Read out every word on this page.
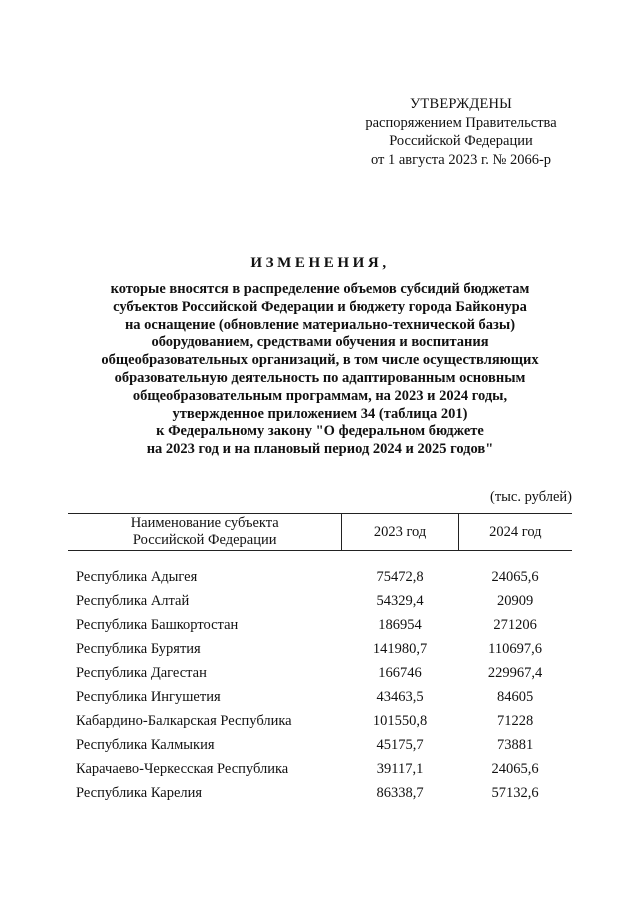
УТВЕРЖДЕНЫ
распоряжением Правительства
Российской Федерации
от 1 августа 2023 г. № 2066-р
ИЗМЕНЕНИЯ,
которые вносятся в распределение объемов субсидий бюджетам
субъектов Российской Федерации и бюджету города Байконура
на оснащение (обновление материально-технической базы)
оборудованием, средствами обучения и воспитания
общеобразовательных организаций, в том числе осуществляющих
образовательную деятельность по адаптированным основным
общеобразовательным программам, на 2023 и 2024 годы,
утвержденное приложением 34 (таблица 201)
к Федеральному закону "О федеральном бюджете
на 2023 год и на плановый период 2024 и 2025 годов"
(тыс. рублей)
Наименование субъекта
Российской Федерации	2023 год	2024 год

Республика Адыгея	75472,8	24065,6
Республика Алтай	54329,4	20909
Республика Башкортостан	186954	271206
Республика Бурятия	141980,7	110697,6
Республика Дагестан	166746	229967,4
Республика Ингушетия	43463,5	84605
Кабардино-Балкарская Республика	101550,8	71228
Республика Калмыкия	45175,7	73881
Карачаево-Черкесская Республика	39117,1	24065,6
Республика Карелия	86338,7	57132,6
